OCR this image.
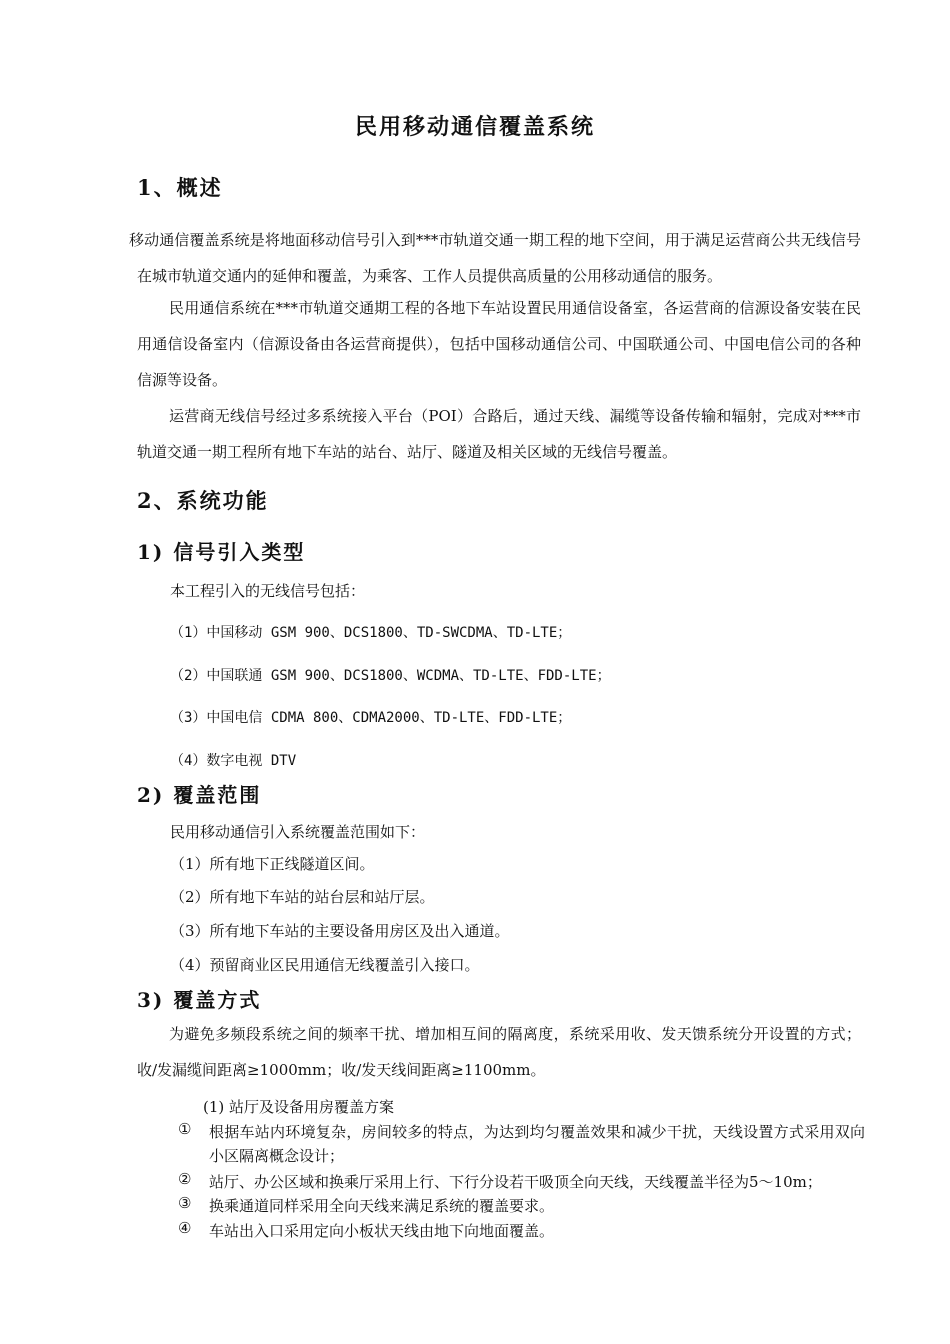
民用移动通信覆盖系统
1、概述
移动通信覆盖系统是将地面移动信号引入到***市轨道交通一期工程的地下空间，用于满足运营商公共无线信号在城市轨道交通内的延伸和覆盖，为乘客、工作人员提供高质量的公用移动通信的服务。
民用通信系统在***市轨道交通期工程的各地下车站设置民用通信设备室，各运营商的信源设备安装在民用通信设备室内（信源设备由各运营商提供），包括中国移动通信公司、中国联通公司、中国电信公司的各种信源等设备。
运营商无线信号经过多系统接入平台（POI）合路后，通过天线、漏缆等设备传输和辐射，完成对***市轨道交通一期工程所有地下车站的站台、站厅、隧道及相关区域的无线信号覆盖。
2、系统功能
1) 信号引入类型
本工程引入的无线信号包括：
（1）中国移动 GSM 900、DCS1800、TD-SWCDMA、TD-LTE；
（2）中国联通 GSM 900、DCS1800、WCDMA、TD-LTE、FDD-LTE；
（3）中国电信 CDMA 800、CDMA2000、TD-LTE、FDD-LTE；
（4）数字电视 DTV
2) 覆盖范围
民用移动通信引入系统覆盖范围如下：
（1）所有地下正线隧道区间。
（2）所有地下车站的站台层和站厅层。
（3）所有地下车站的主要设备用房区及出入通道。
（4）预留商业区民用通信无线覆盖引入接口。
3) 覆盖方式
为避免多频段系统之间的频率干扰、增加相互间的隔离度，系统采用收、发天馈系统分开设置的方式；收/发漏缆间距离≥1000mm；收/发天线间距离≥1100mm。
(1) 站厅及设备用房覆盖方案
① 根据车站内环境复杂，房间较多的特点，为达到均匀覆盖效果和减少干扰，天线设置方式采用双向小区隔离概念设计；
② 站厅、办公区域和换乘厅采用上行、下行分设若干吸顶全向天线，天线覆盖半径为5～10m；
③ 换乘通道同样采用全向天线来满足系统的覆盖要求。
④ 车站出入口采用定向小板状天线由地下向地面覆盖。
